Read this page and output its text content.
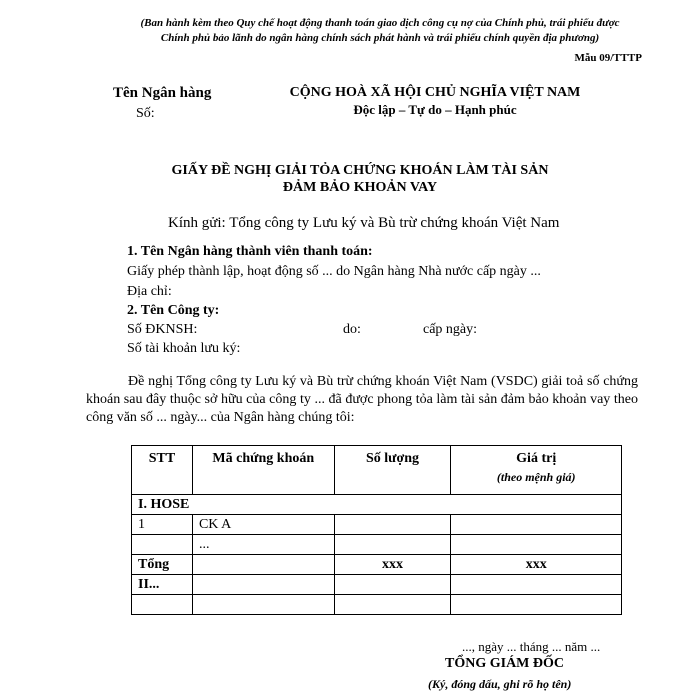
(Ban hành kèm theo Quy chế hoạt động thanh toán giao dịch công cụ nợ của Chính phủ, trái phiếu được
Chính phủ bảo lãnh do ngân hàng chính sách phát hành và trái phiếu chính quyền địa phương)
Mẫu 09/TTTP
Tên Ngân hàng
Số:
CỘNG HOÀ XÃ HỘI CHỦ NGHĨA VIỆT NAM
Độc lập – Tự do – Hạnh phúc
GIẤY ĐỀ NGHỊ GIẢI TỎA CHỨNG KHOÁN LÀM TÀI SẢN
ĐẢM BẢO KHOẢN VAY
Kính gửi: Tổng công ty Lưu ký và Bù trừ chứng khoán Việt Nam
1. Tên Ngân hàng thành viên thanh toán:
Giấy phép thành lập, hoạt động số ... do Ngân hàng Nhà nước cấp ngày ...
Địa chỉ:
2. Tên Công ty:
Số ĐKNSH:	do:	cấp ngày:
Số tài khoản lưu ký:
Đề nghị Tổng công ty Lưu ký và Bù trừ chứng khoán Việt Nam (VSDC) giải toả số chứng khoán sau đây thuộc sở hữu của công ty ... đã được phong tỏa làm tài sản đảm bảo khoản vay theo công văn số ... ngày... của Ngân hàng chúng tôi:
STT	Mã chứng khoán	Số lượng	Giá trị
(theo mệnh giá)

I. HOSE			
1	CK A		
	...		
Tổng		xxx	xxx
II...			

..., ngày ... tháng ... năm ...
TỔNG GIÁM ĐỐC
(Ký, đóng dấu, ghi rõ họ tên)
